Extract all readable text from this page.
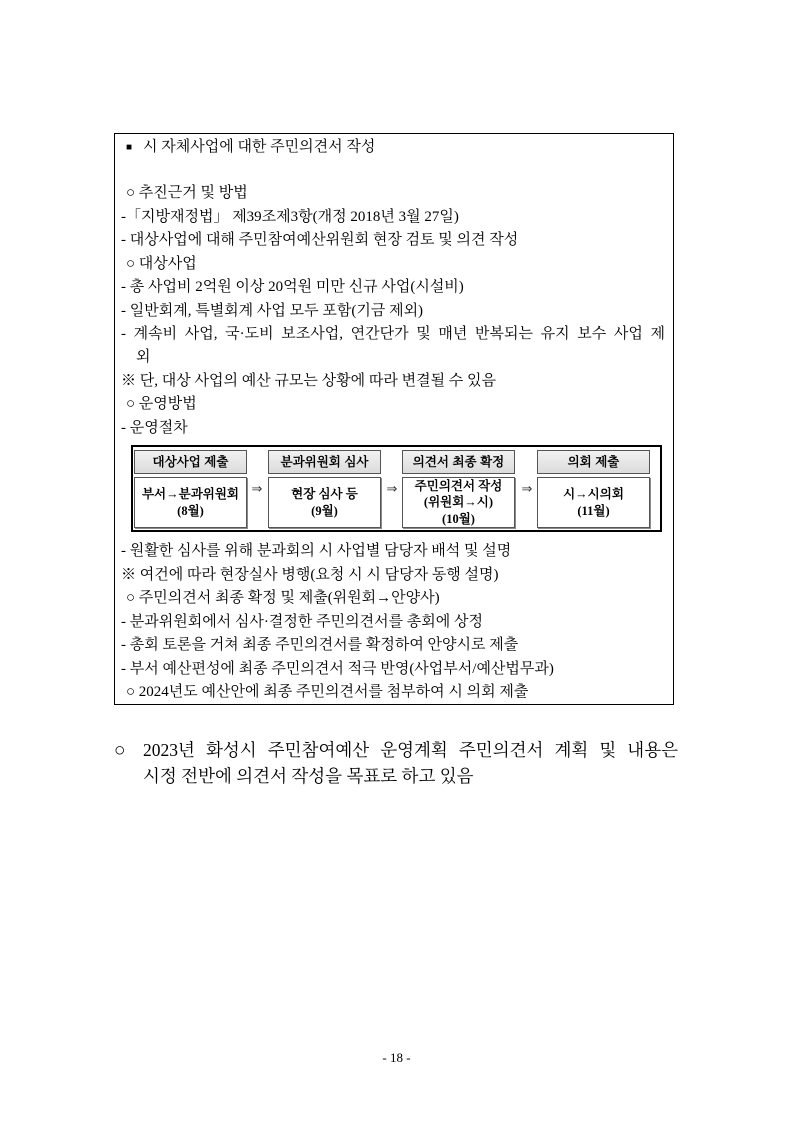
■ 시 자체사업에 대한 주민의견서 작성
○ 추진근거 및 방법
-「지방재정법」 제39조제3항(개정 2018년 3월 27일)
- 대상사업에 대해 주민참여예산위원회 현장 검토 및 의견 작성
○ 대상사업
- 총 사업비 2억원 이상 20억원 미만 신규 사업(시설비)
- 일반회계, 특별회계 사업 모두 포함(기금 제외)
- 계속비 사업, 국·도비 보조사업, 연간단가 및 매년 반복되는 유지 보수 사업 제
외
※ 단, 대상 사업의 예산 규모는 상황에 따라 변결될 수 있음
○ 운영방법
- 운영절차
대상사업 제출
부서→분과위원회
(8월)
⇒
분과위원회 심사
현장 심사 등
(9월)
⇒
의견서 최종 확정
주민의견서 작성
(위원회→시)
(10월)
⇒
의회 제출
시→시의회
(11월)
- 원활한 심사를 위해 분과회의 시 사업별 담당자 배석 및 설명
※ 여건에 따라 현장실사 병행(요청 시 시 담당자 동행 설명)
○ 주민의견서 최종 확정 및 제출(위원회→안양사)
- 분과위원회에서 심사·결정한 주민의견서를 총회에 상정
- 총회 토론을 거쳐 최종 주민의견서를 확정하여 안양시로 제출
- 부서 예산편성에 최종 주민의견서 적극 반영(사업부서/예산법무과)
○ 2024년도 예산안에 최종 주민의견서를 첨부하여 시 의회 제출
○ 2023년 화성시 주민참여예산 운영계획 주민의견서 계획 및 내용은
시정 전반에 의견서 작성을 목표로 하고 있음
- 18 -
